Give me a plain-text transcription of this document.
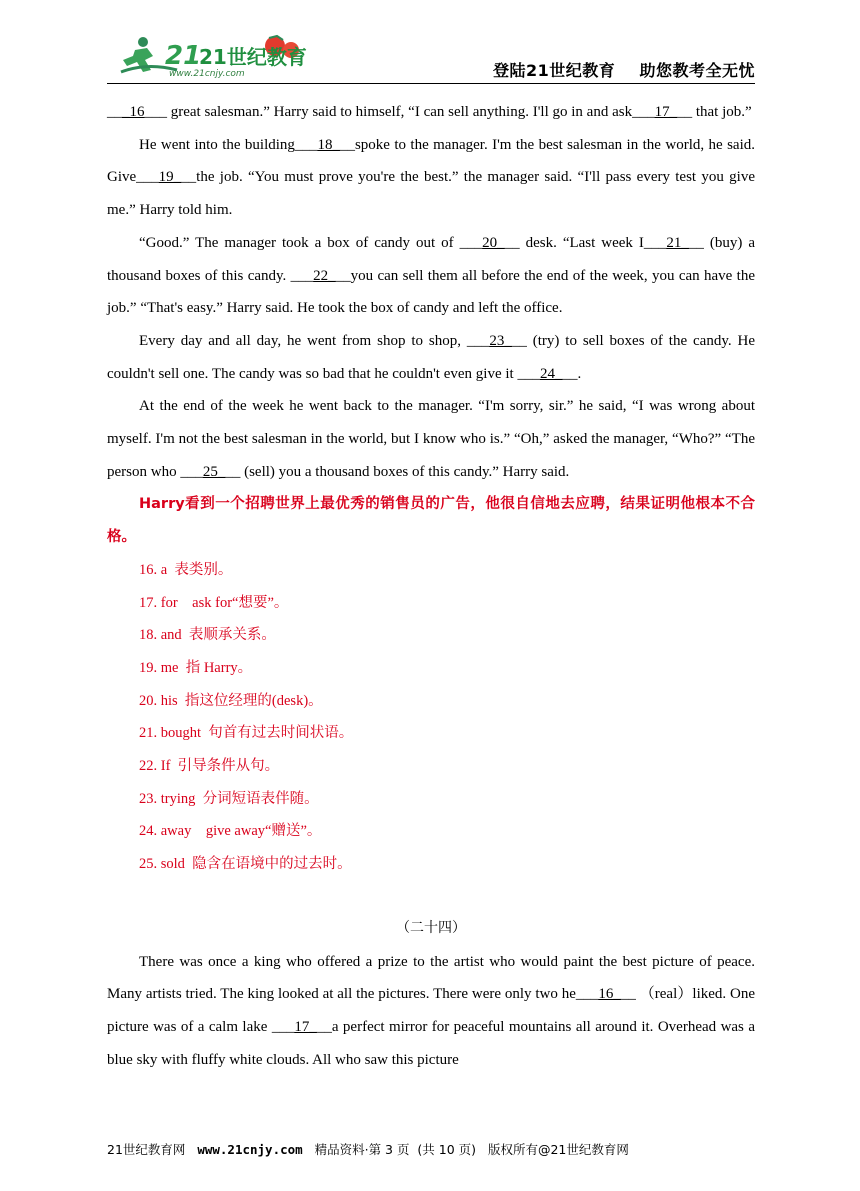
21
21世纪教育
www.21cnjy.com	登陆21世纪教育    助您教考全无忧

___16___ great salesman.” Harry said to himself, “I can sell anything. I'll go in and ask___17___ that job.”

He went into the building___18___spoke to the manager. I'm the best salesman in the world, he said. Give___19___the job. “You must prove you're the best.” the manager said. “I'll pass every test you give me.” Harry told him.

“Good.” The manager took a box of candy out of ___20___ desk. “Last week I___21___ (buy) a thousand boxes of this candy. ___22___you can sell them all before the end of the week, you can have the job.” “That's easy.” Harry said. He took the box of candy and left the office.

Every day and all day, he went from shop to shop, ___23___ (try) to sell boxes of the candy. He couldn't sell one. The candy was so bad that he couldn't even give it ___24___.

At the end of the week he went back to the manager. “I'm sorry, sir.” he said, “I was wrong about myself. I'm not the best salesman in the world, but I know who is.” “Oh,” asked the manager, “Who?” “The person who ___25___ (sell) you a thousand boxes of this candy.” Harry said.

Harry看到一个招聘世界上最优秀的销售员的广告，他很自信地去应聘，结果证明他根本不合格。

16. a  表类别。

17. for    ask for“想要”。

18. and  表顺承关系。

19. me  指 Harry。

20. his  指这位经理的(desk)。

21. bought  句首有过去时间状语。

22. If  引导条件从句。

23. trying  分词短语表伴随。

24. away    give away“赠送”。

25. sold  隐含在语境中的过去时。

（二十四）

There was once a king who offered a prize to the artist who would paint the best picture of peace. Many artists tried. The king looked at all the pictures. There were only two he___16___ （real）liked. One picture was of a calm lake ___17___a perfect mirror for peaceful mountains all around it. Overhead was a blue sky with fluffy white clouds. All who saw this picture

21世纪教育网   www.21cnjy.com   精品资料·第 3 页  (共 10 页)   版权所有@21世纪教育网
